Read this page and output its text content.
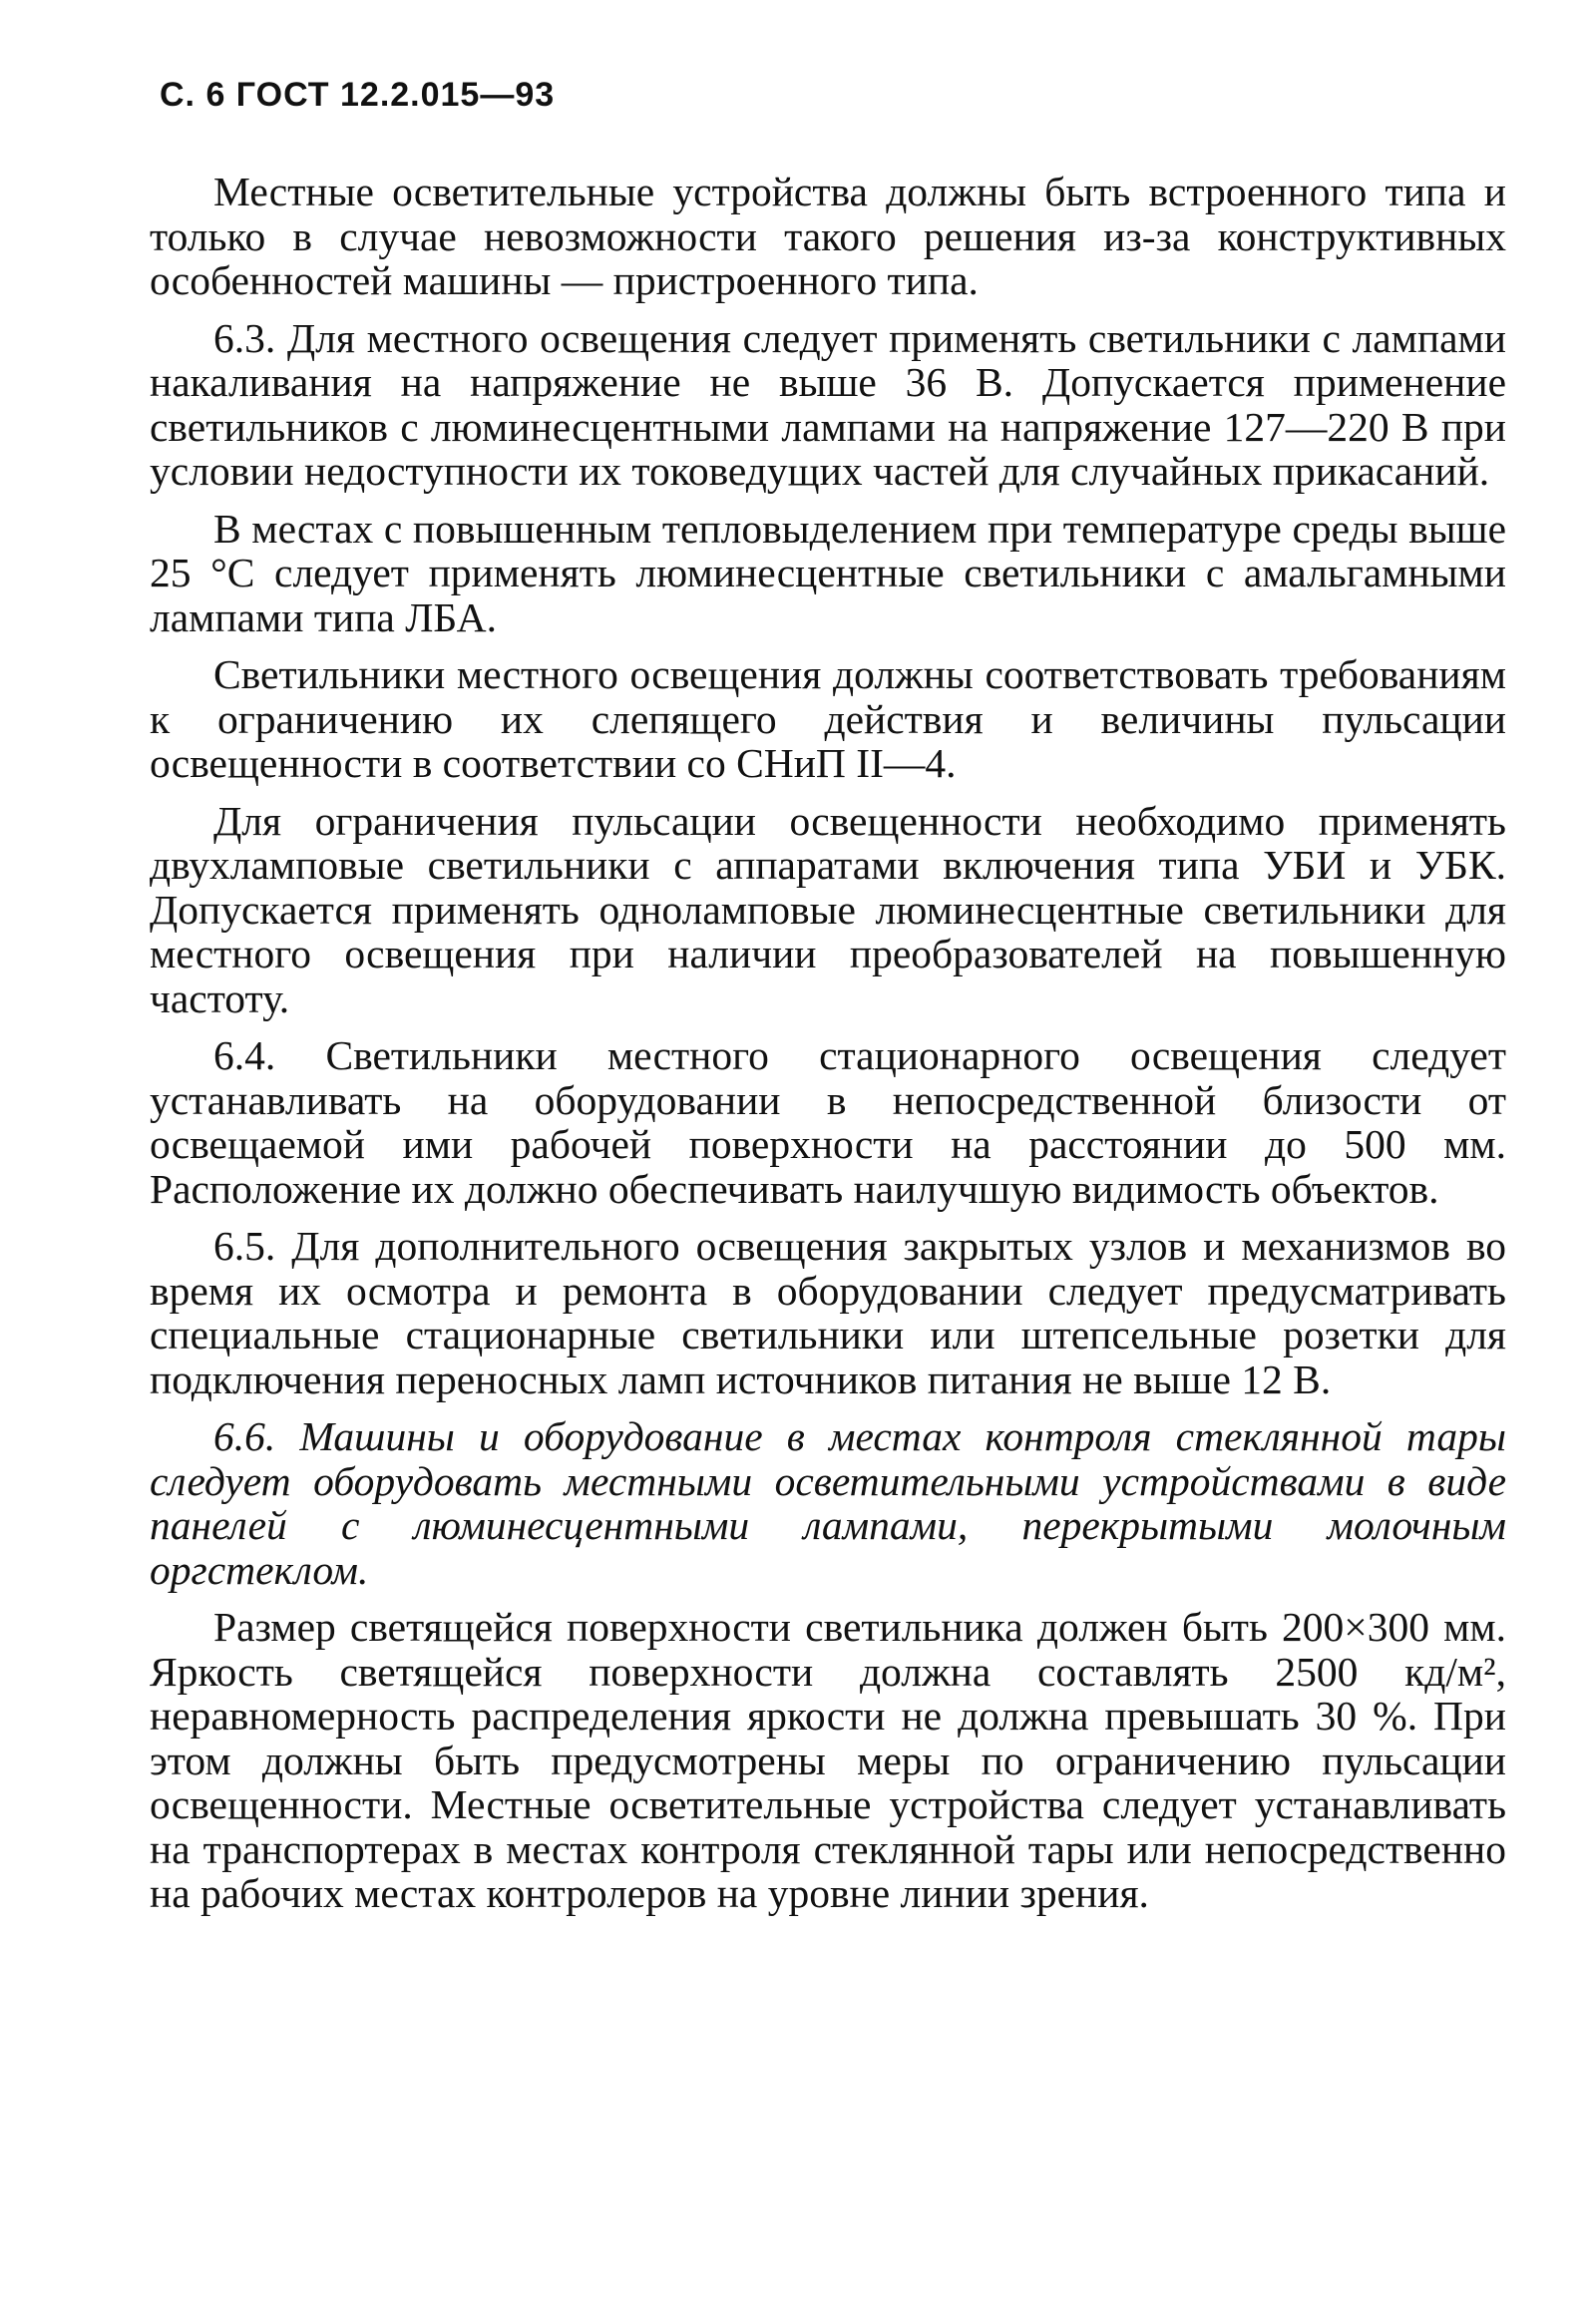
С. 6 ГОСТ 12.2.015—93

Местные осветительные устройства должны быть встроенного типа и только в случае невозможности такого решения из-за конструктивных особенностей машины — пристроенного типа.

6.3. Для местного освещения следует применять светильники с лампами накаливания на напряжение не выше 36 В. Допускается применение светильников с люминесцентными лампами на напряжение 127—220 В при условии недоступности их токоведущих частей для случайных прикасаний.

В местах с повышенным тепловыделением при температуре среды выше 25 °С следует применять люминесцентные светильники с амальгамными лампами типа ЛБА.

Светильники местного освещения должны соответствовать требованиям к ограничению их слепящего действия и величины пульсации освещенности в соответствии со СНиП II—4.

Для ограничения пульсации освещенности необходимо применять двухламповые светильники с аппаратами включения типа УБИ и УБК. Допускается применять одноламповые люминесцентные светильники для местного освещения при наличии преобразователей на повышенную частоту.

6.4. Светильники местного стационарного освещения следует устанавливать на оборудовании в непосредственной близости от освещаемой ими рабочей поверхности на расстоянии до 500 мм. Расположение их должно обеспечивать наилучшую видимость объектов.

6.5. Для дополнительного освещения закрытых узлов и механизмов во время их осмотра и ремонта в оборудовании следует предусматривать специальные стационарные светильники или штепсельные розетки для подключения переносных ламп источников питания не выше 12 В.

6.6. Машины и оборудование в местах контроля стеклянной тары следует оборудовать местными осветительными устройствами в виде панелей с люминесцентными лампами, перекрытыми молочным оргстеклом.

Размер светящейся поверхности светильника должен быть 200×300 мм. Яркость светящейся поверхности должна составлять 2500 кд/м², неравномерность распределения яркости не должна превышать 30 %. При этом должны быть предусмотрены меры по ограничению пульсации освещенности. Местные осветительные устройства следует устанавливать на транспортерах в местах контроля стеклянной тары или непосредственно на рабочих местах контролеров на уровне линии зрения.
